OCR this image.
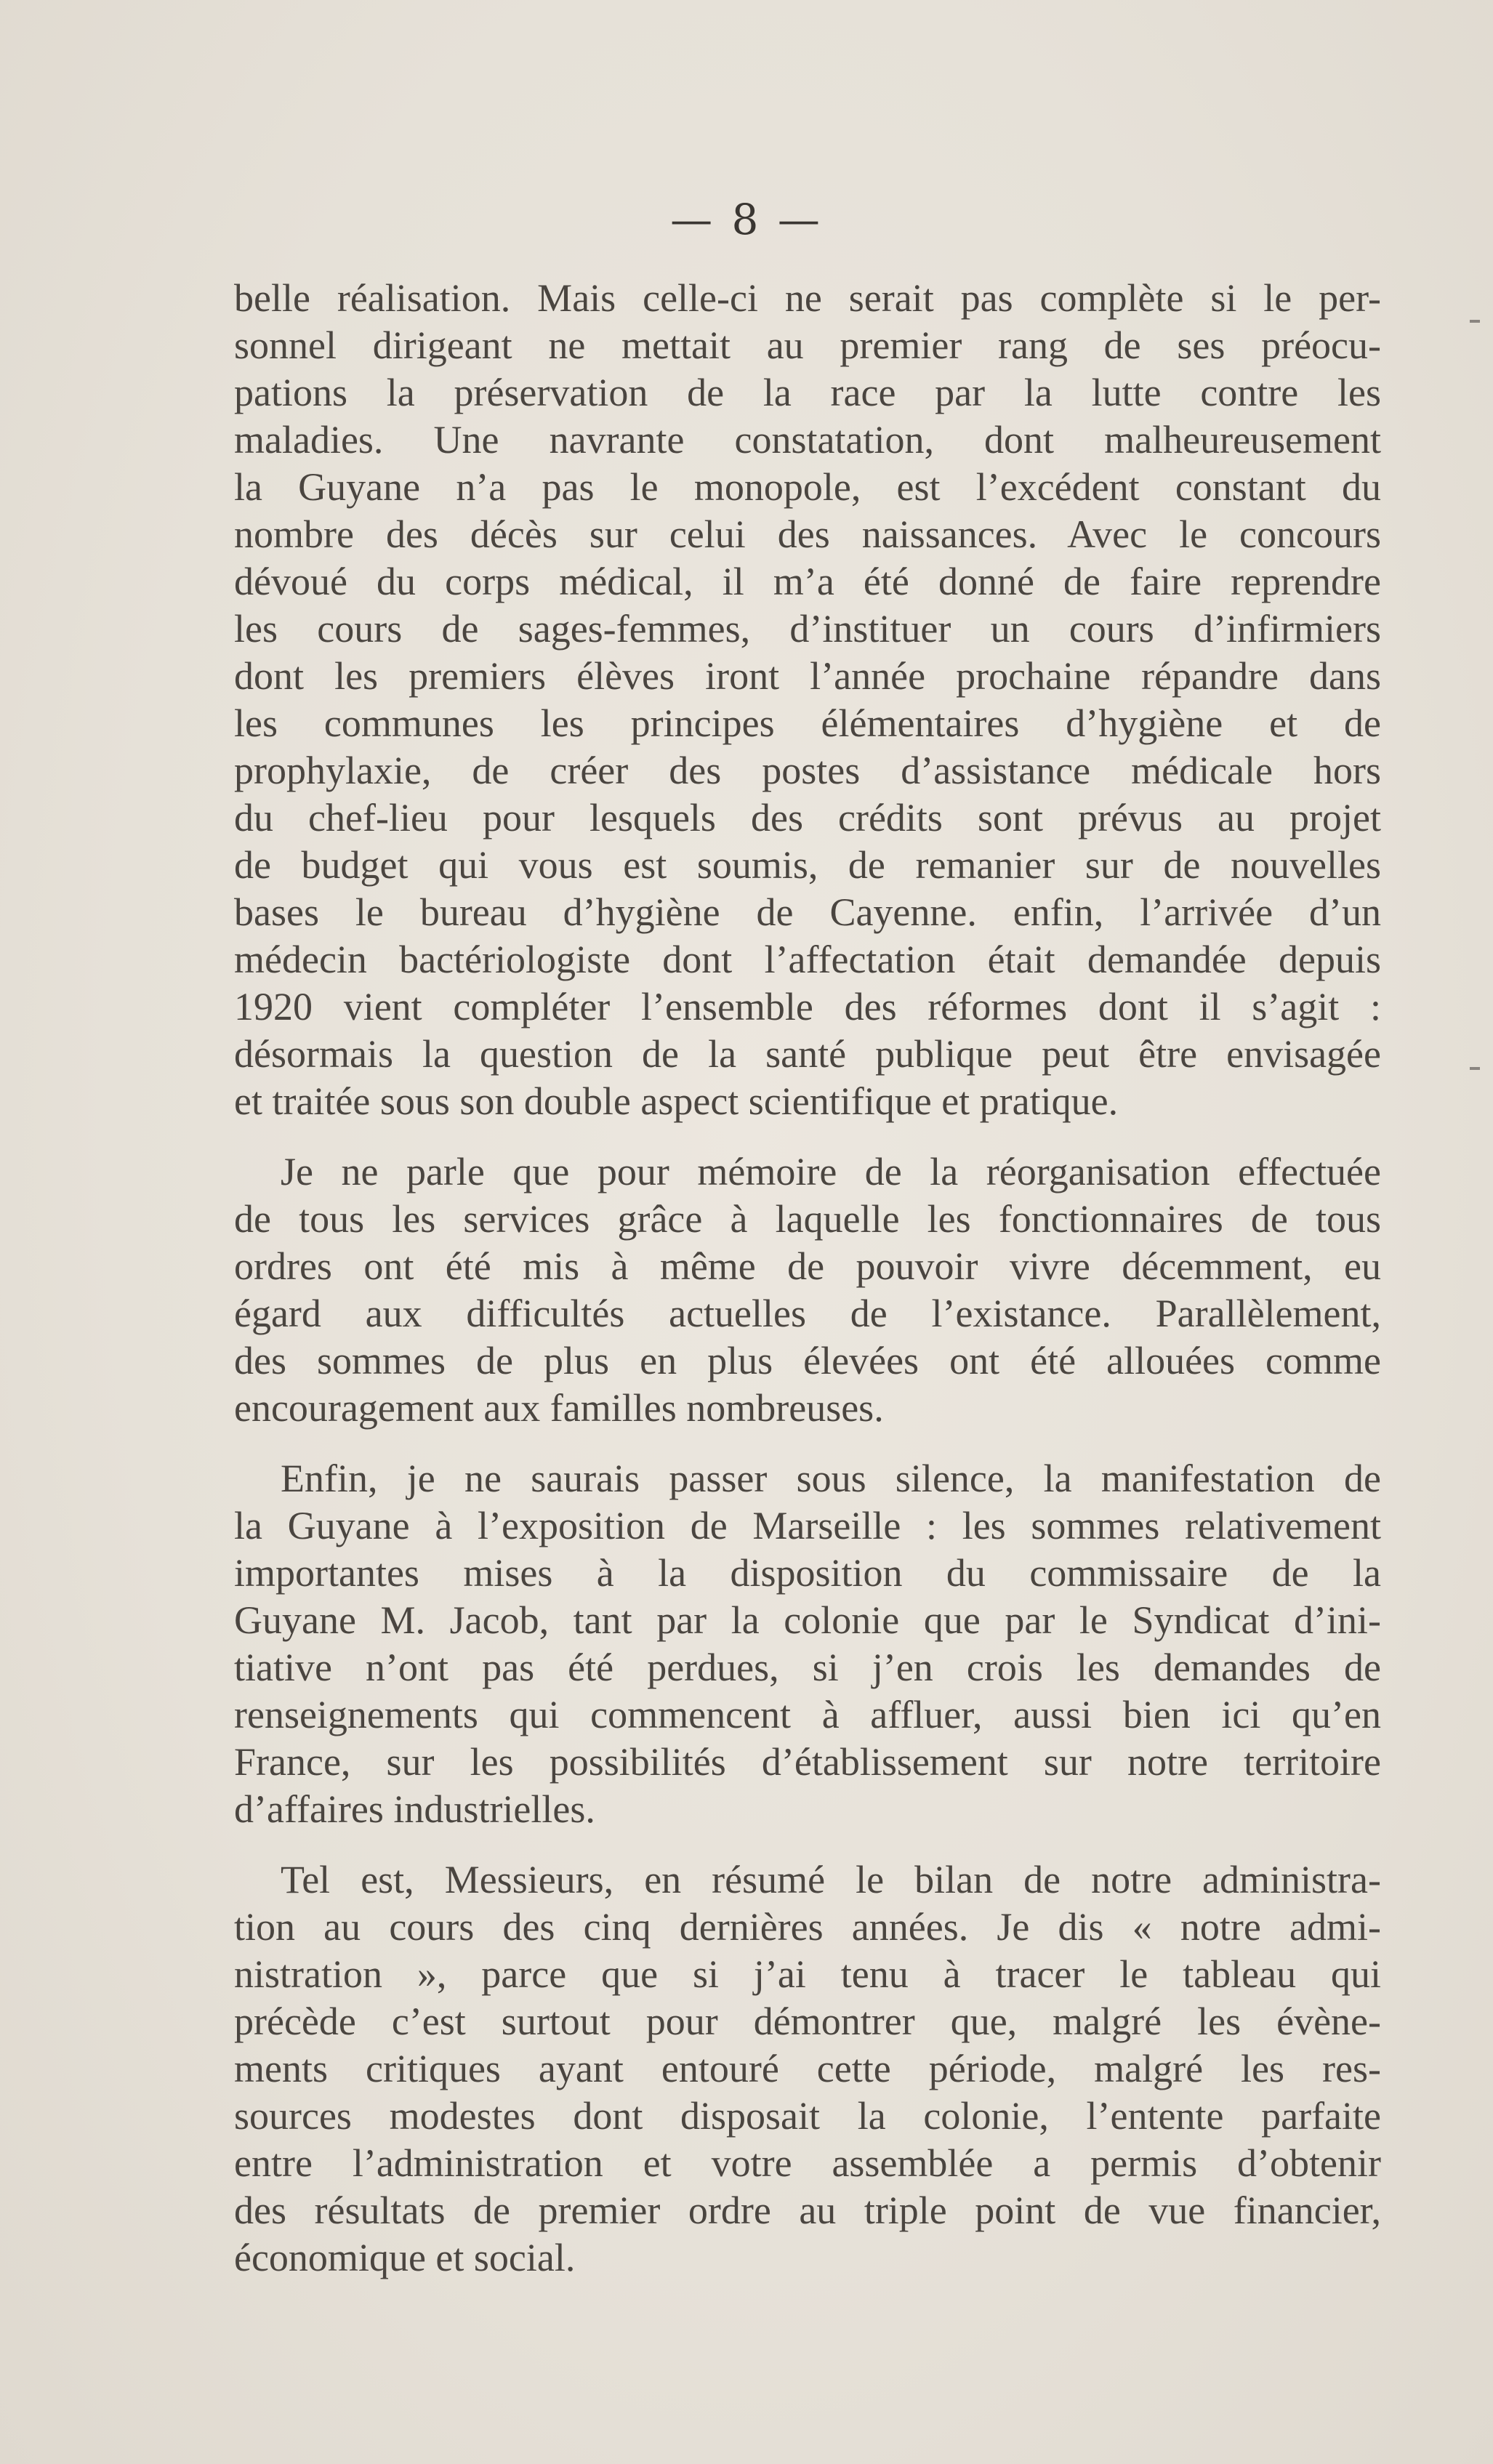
— 8 —
belle réalisation. Mais celle-ci ne serait pas complète si le per-
sonnel dirigeant ne mettait au premier rang de ses préocu-
pations la préservation de la race par la lutte contre les
maladies. Une navrante constatation, dont malheureusement
la Guyane n’a pas le monopole, est l’excédent constant du
nombre des décès sur celui des naissances. Avec le concours
dévoué du corps médical, il m’a été donné de faire reprendre
les cours de sages-femmes, d’instituer un cours d’infirmiers
dont les premiers élèves iront l’année prochaine répandre dans
les communes les principes élémentaires d’hygiène et de
prophylaxie, de créer des postes d’assistance médicale hors
du chef-lieu pour lesquels des crédits sont prévus au projet
de budget qui vous est soumis, de remanier sur de nouvelles
bases le bureau d’hygiène de Cayenne. enfin, l’arrivée d’un
médecin bactériologiste dont l’affectation était demandée depuis
1920 vient compléter l’ensemble des réformes dont il s’agit :
désormais la question de la santé publique peut être envisagée
et traitée sous son double aspect scientifique et pratique.
Je ne parle que pour mémoire de la réorganisation effectuée
de tous les services grâce à laquelle les fonctionnaires de tous
ordres ont été mis à même de pouvoir vivre décemment, eu
égard aux difficultés actuelles de l’existance. Parallèlement,
des sommes de plus en plus élevées ont été allouées comme
encouragement aux familles nombreuses.
Enfin, je ne saurais passer sous silence, la manifestation de
la Guyane à l’exposition de Marseille : les sommes relativement
importantes mises à la disposition du commissaire de la
Guyane M. Jacob, tant par la colonie que par le Syndicat d’ini-
tiative n’ont pas été perdues, si j’en crois les demandes de
renseignements qui commencent à affluer, aussi bien ici qu’en
France, sur les possibilités d’établissement sur notre territoire
d’affaires industrielles.
Tel est, Messieurs, en résumé le bilan de notre administra-
tion au cours des cinq dernières années. Je dis « notre admi-
nistration », parce que si j’ai tenu à tracer le tableau qui
précède c’est surtout pour démontrer que, malgré les évène-
ments critiques ayant entouré cette période, malgré les res-
sources modestes dont disposait la colonie, l’entente parfaite
entre l’administration et votre assemblée a permis d’obtenir
des résultats de premier ordre au triple point de vue financier,
économique et social.
